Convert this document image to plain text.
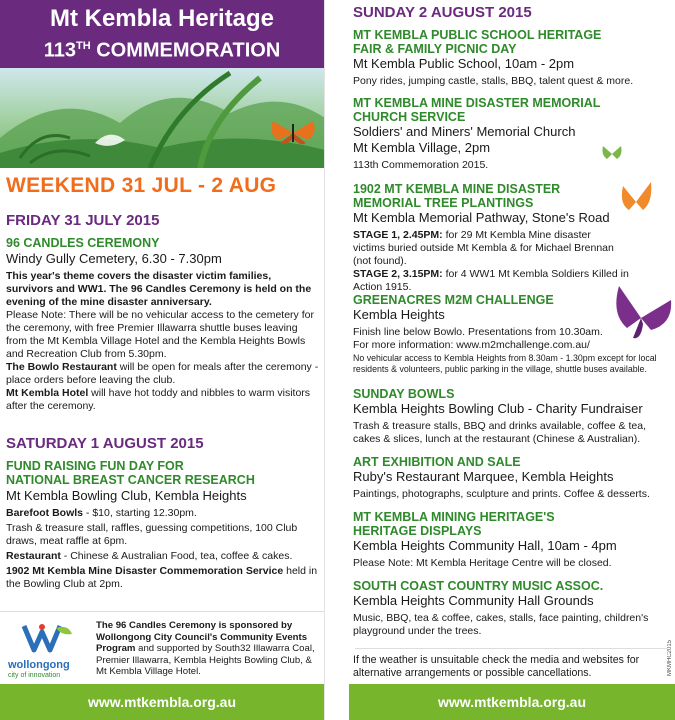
Mt Kembla Heritage
113TH COMMEMORATION
WEEKEND 31 JUL - 2 AUG
FRIDAY 31 JULY 2015
96 CANDLES CEREMONY
Windy Gully Cemetery, 6.30 - 7.30pm
This year's theme covers the disaster victim families, survivors and WW1. The 96 Candles Ceremony is held on the evening of the mine disaster anniversary.
Please Note: There will be no vehicular access to the cemetery for the ceremony, with free Premier Illawarra shuttle buses leaving from the Mt Kembla Village Hotel and the Kembla Heights Bowls and Recreation Club from 5.30pm.
The Bowlo Restaurant will be open for meals after the ceremony - place orders before leaving the club.
Mt Kembla Hotel will have hot toddy and nibbles to warm visitors after the ceremony.
SATURDAY 1 AUGUST 2015
FUND RAISING FUN DAY FOR
NATIONAL BREAST CANCER RESEARCH
Mt Kembla Bowling Club, Kembla Heights
Barefoot Bowls - $10, starting 12.30pm.
Trash & treasure stall, raffles, guessing competitions, 100 Club draws, meat raffle at 6pm.
Restaurant - Chinese & Australian Food, tea, coffee & cakes.
1902 Mt Kembla Mine Disaster Commemoration Service held in the Bowling Club at 2pm.
wollongong
city of innovation
The 96 Candles Ceremony is sponsored by Wollongong City Council's Community Events Program and supported by South32 Illawarra Coal, Premier Illawarra, Kembla Heights Bowling Club, & Mt Kembla Village Hotel.
www.mtkembla.org.au
SUNDAY 2 AUGUST 2015
MT KEMBLA PUBLIC SCHOOL HERITAGE
FAIR & FAMILY PICNIC DAY
Mt Kembla Public School, 10am - 2pm
Pony rides, jumping castle, stalls, BBQ, talent quest & more.
MT KEMBLA MINE DISASTER MEMORIAL
CHURCH SERVICE
Soldiers' and Miners' Memorial Church
Mt Kembla Village, 2pm
113th Commemoration 2015.
1902 MT KEMBLA MINE DISASTER
MEMORIAL TREE PLANTINGS
Mt Kembla Memorial Pathway, Stone's Road
STAGE 1, 2.45PM: for 29 Mt Kembla Mine disaster victims buried outside Mt Kembla & for Michael Brennan (not found).
STAGE 2, 3.15PM: for 4 WW1 Mt Kembla Soldiers Killed in Action 1915.
GREENACRES M2M CHALLENGE
Kembla Heights
Finish line below Bowlo. Presentations from 10.30am.
For more information: www.m2mchallenge.com.au/
No vehicular access to Kembla Heights from 8.30am - 1.30pm except for local residents & volunteers, public parking in the village, shuttle buses available.
SUNDAY BOWLS
Kembla Heights Bowling Club - Charity Fundraiser
Trash & treasure stalls, BBQ and drinks available, coffee & tea, cakes & slices, lunch at the restaurant (Chinese & Australian).
ART EXHIBITION AND SALE
Ruby's Restaurant Marquee, Kembla Heights
Paintings, photographs, sculpture and prints. Coffee & desserts.
MT KEMBLA MINING HERITAGE'S
HERITAGE DISPLAYS
Kembla Heights Community Hall, 10am - 4pm
Please Note: Mt Kembla Heritage Centre will be closed.
SOUTH COAST COUNTRY MUSIC ASSOC.
Kembla Heights Community Hall Grounds
Music, BBQ, tea & coffee, cakes, stalls, face painting, children's playground under the trees.
If the weather is unsuitable check the media and websites for alternative arrangements or possible cancellations.	MKMHC2015
www.mtkembla.org.au
